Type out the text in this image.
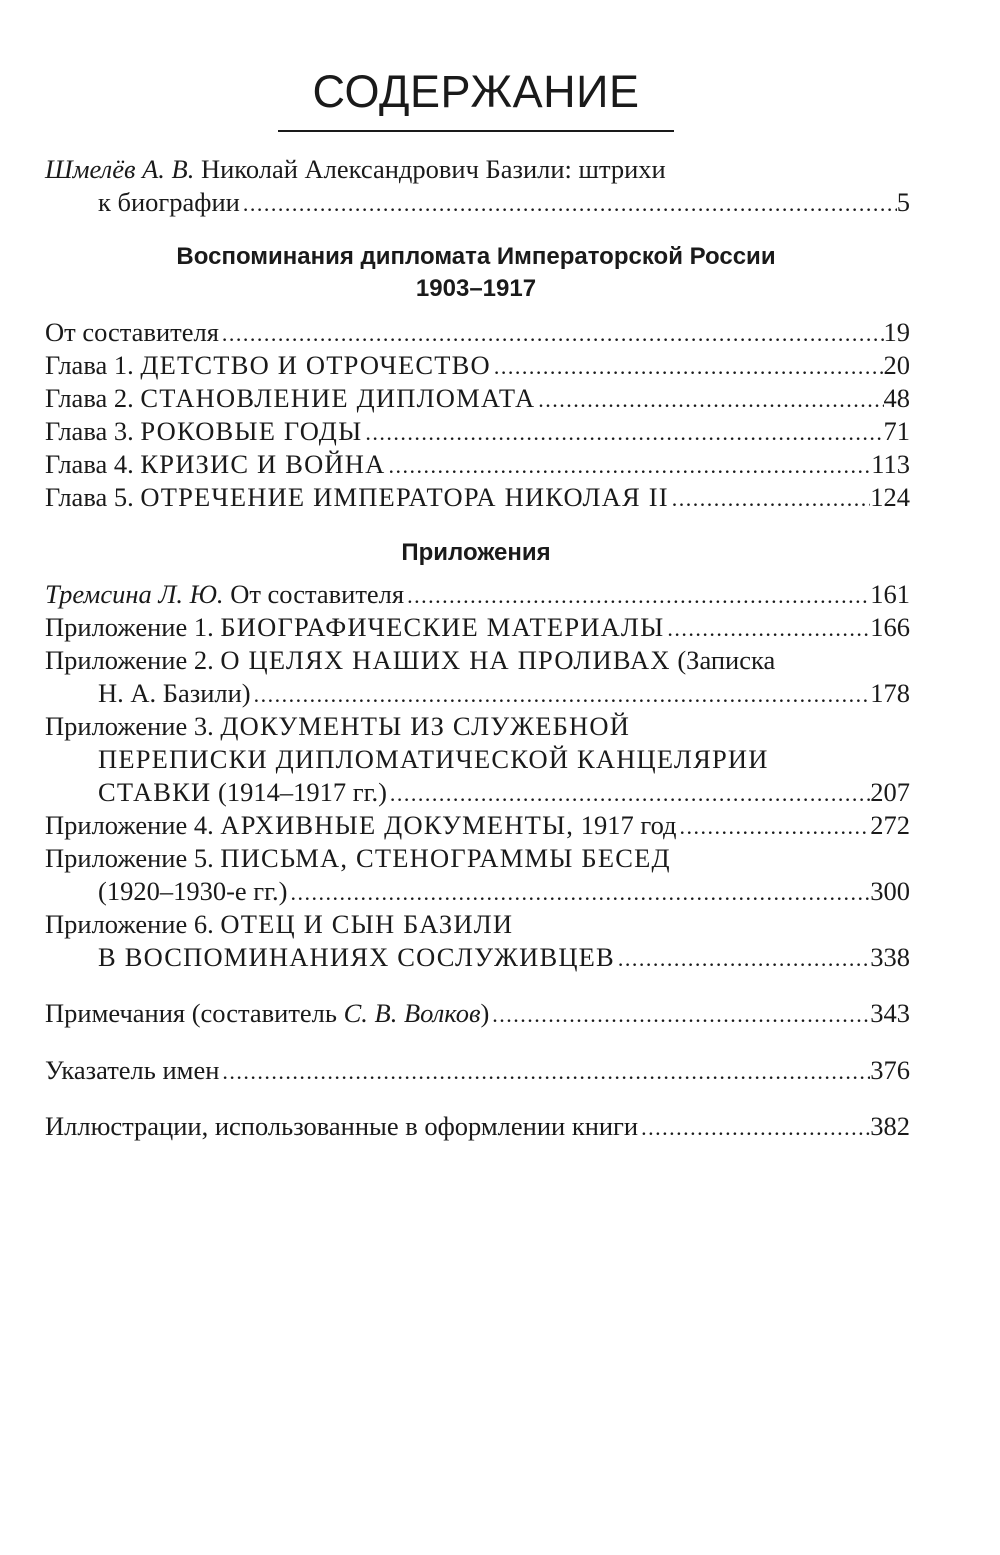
СОДЕРЖАНИЕ
Шмелёв А. В. Николай Александрович Базили: штрихи
к биографии .....	5
Воспоминания дипломата Императорской России
1903–1917
От составителя .....	19
Глава 1. ДЕТСТВО И ОТРОЧЕСТВО .....	20
Глава 2. СТАНОВЛЕНИЕ ДИПЛОМАТА .....	48
Глава 3. РОКОВЫЕ ГОДЫ .....	71
Глава 4. КРИЗИС И ВОЙНА .....	113
Глава 5. ОТРЕЧЕНИЕ ИМПЕРАТОРА НИКОЛАЯ II .....	124
Приложения
Тремсина Л. Ю. От составителя .....	161
Приложение 1. БИОГРАФИЧЕСКИЕ МАТЕРИАЛЫ .....	166
Приложение 2. О ЦЕЛЯХ НАШИХ НА ПРОЛИВАХ (Записка
Н. А. Базили) .....	178
Приложение 3. ДОКУМЕНТЫ ИЗ СЛУЖЕБНОЙ
ПЕРЕПИСКИ ДИПЛОМАТИЧЕСКОЙ КАНЦЕЛЯРИИ
СТАВКИ (1914–1917 гг.) .....	207
Приложение 4. АРХИВНЫЕ ДОКУМЕНТЫ, 1917 год .....	272
Приложение 5. ПИСЬМА, СТЕНОГРАММЫ БЕСЕД
(1920–1930-е гг.) .....	300
Приложение 6. ОТЕЦ И СЫН БАЗИЛИ
В ВОСПОМИНАНИЯХ СОСЛУЖИВЦЕВ .....	338
Примечания (составитель С. В. Волков) .....	343
Указатель имен .....	376
Иллюстрации, использованные в оформлении книги .....	382
